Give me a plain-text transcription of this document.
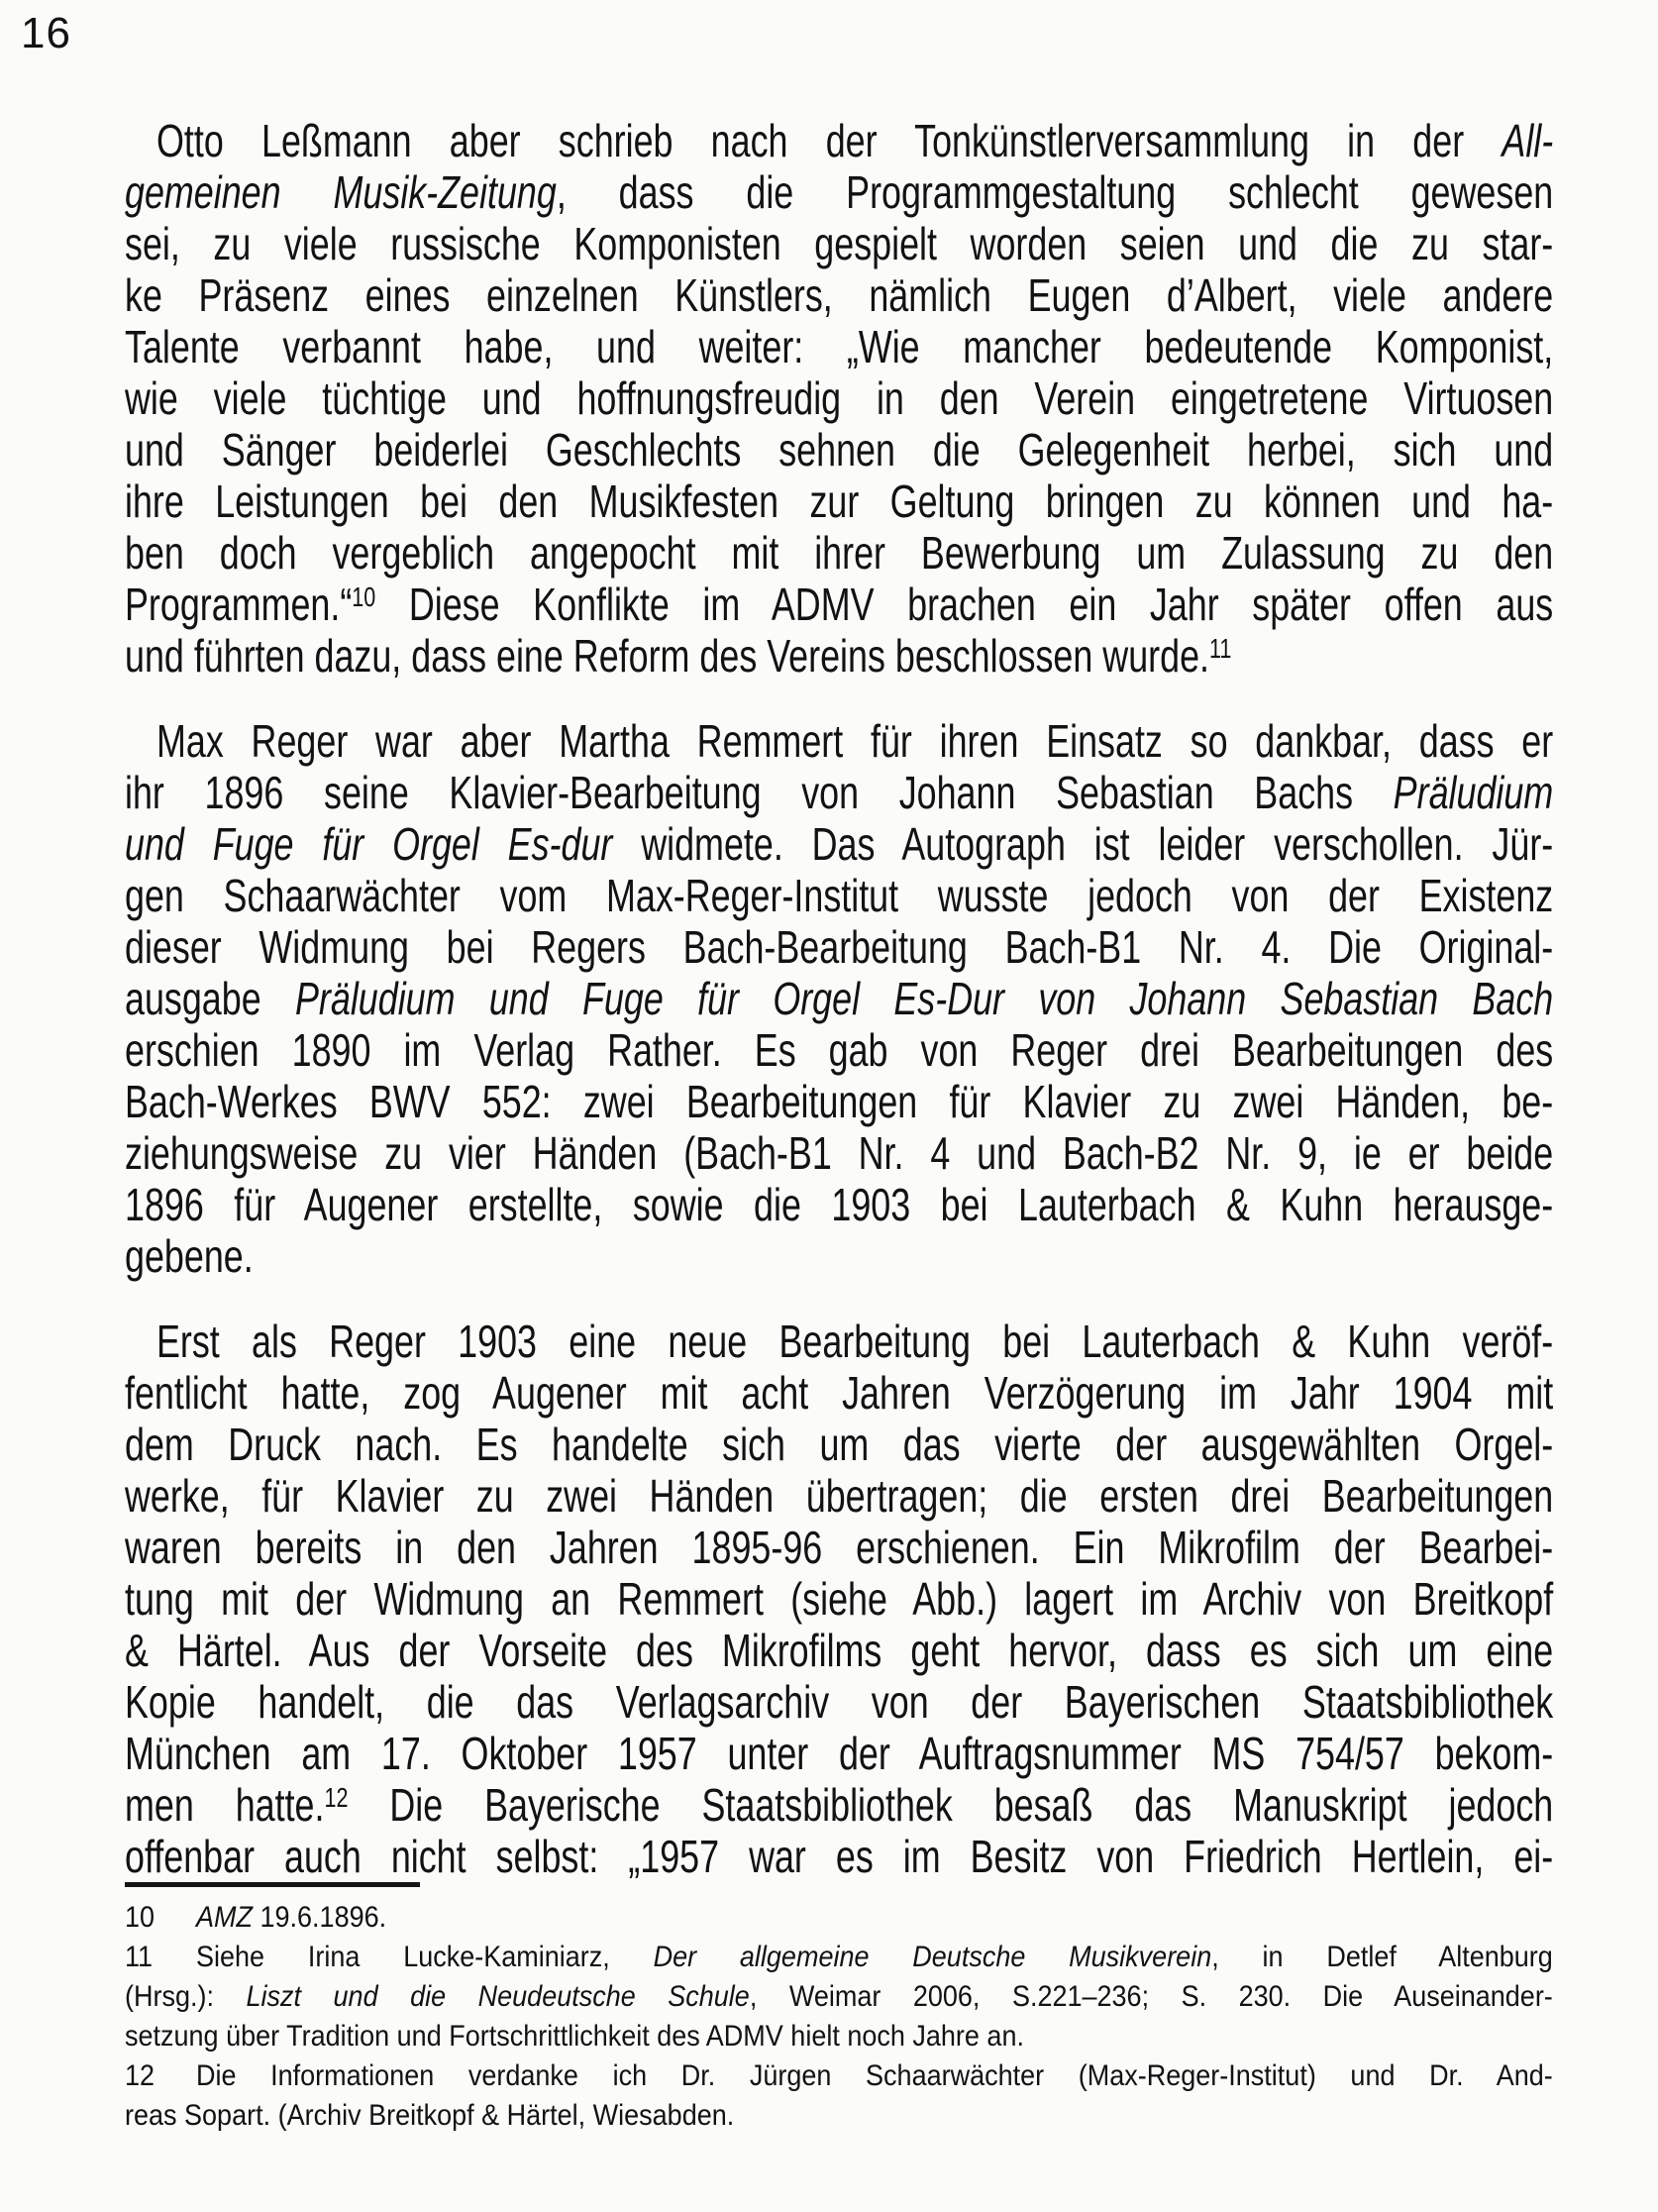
16
Otto Leßmann aber schrieb nach der Tonkünstlerversammlung in der All-
gemeinen Musik-Zeitung, dass die Programmgestaltung schlecht gewesen
sei, zu viele russische Komponisten gespielt worden seien und die zu star-
ke Präsenz eines einzelnen Künstlers, nämlich Eugen d’Albert, viele andere
Talente verbannt habe, und weiter: „Wie mancher bedeutende Komponist,
wie viele tüchtige und hoffnungsfreudig in den Verein eingetretene Virtuosen
und Sänger beiderlei Geschlechts sehnen die Gelegenheit herbei, sich und
ihre Leistungen bei den Musikfesten zur Geltung bringen zu können und ha-
ben doch vergeblich angepocht mit ihrer Bewerbung um Zulassung zu den
Programmen.“$^{10}$ Diese Konflikte im ADMV brachen ein Jahr später offen aus
und führten dazu, dass eine Reform des Vereins beschlossen wurde.$^{11}$
Max Reger war aber Martha Remmert für ihren Einsatz so dankbar, dass er
ihr 1896 seine Klavier-Bearbeitung von Johann Sebastian Bachs Präludium
und Fuge für Orgel Es-dur widmete. Das Autograph ist leider verschollen. Jür-
gen Schaarwächter vom Max-Reger-Institut wusste jedoch von der Existenz
dieser Widmung bei Regers Bach-Bearbeitung Bach-B1 Nr. 4. Die Original-
ausgabe Präludium und Fuge für Orgel Es-Dur von Johann Sebastian Bach
erschien 1890 im Verlag Rather. Es gab von Reger drei Bearbeitungen des
Bach-Werkes BWV 552: zwei Bearbeitungen für Klavier zu zwei Händen, be-
ziehungsweise zu vier Händen (Bach-B1 Nr. 4 und Bach-B2 Nr. 9, ie er beide
1896 für Augener erstellte, sowie die 1903 bei Lauterbach & Kuhn herausge-
gebene.
Erst als Reger 1903 eine neue Bearbeitung bei Lauterbach & Kuhn veröf-
fentlicht hatte, zog Augener mit acht Jahren Verzögerung im Jahr 1904 mit
dem Druck nach. Es handelte sich um das vierte der ausgewählten Orgel-
werke, für Klavier zu zwei Händen übertragen; die ersten drei Bearbeitungen
waren bereits in den Jahren 1895-96 erschienen. Ein Mikrofilm der Bearbei-
tung mit der Widmung an Remmert (siehe Abb.) lagert im Archiv von Breitkopf
& Härtel. Aus der Vorseite des Mikrofilms geht hervor, dass es sich um eine
Kopie handelt, die das Verlagsarchiv von der Bayerischen Staatsbibliothek
München am 17. Oktober 1957 unter der Auftragsnummer MS 754/57 bekom-
men hatte.$^{12}$ Die Bayerische Staatsbibliothek besaß das Manuskript jedoch
offenbar auch nicht selbst: „1957 war es im Besitz von Friedrich Hertlein, ei-
10 AMZ 19.6.1896.
11 Siehe Irina Lucke-Kaminiarz, Der allgemeine Deutsche Musikverein, in Detlef Altenburg
(Hrsg.): Liszt und die Neudeutsche Schule, Weimar 2006, S.221–236; S. 230. Die Auseinander-
setzung über Tradition und Fortschrittlichkeit des ADMV hielt noch Jahre an.
12 Die Informationen verdanke ich Dr. Jürgen Schaarwächter (Max-Reger-Institut) und Dr. And-
reas Sopart. (Archiv Breitkopf & Härtel, Wiesabden.
